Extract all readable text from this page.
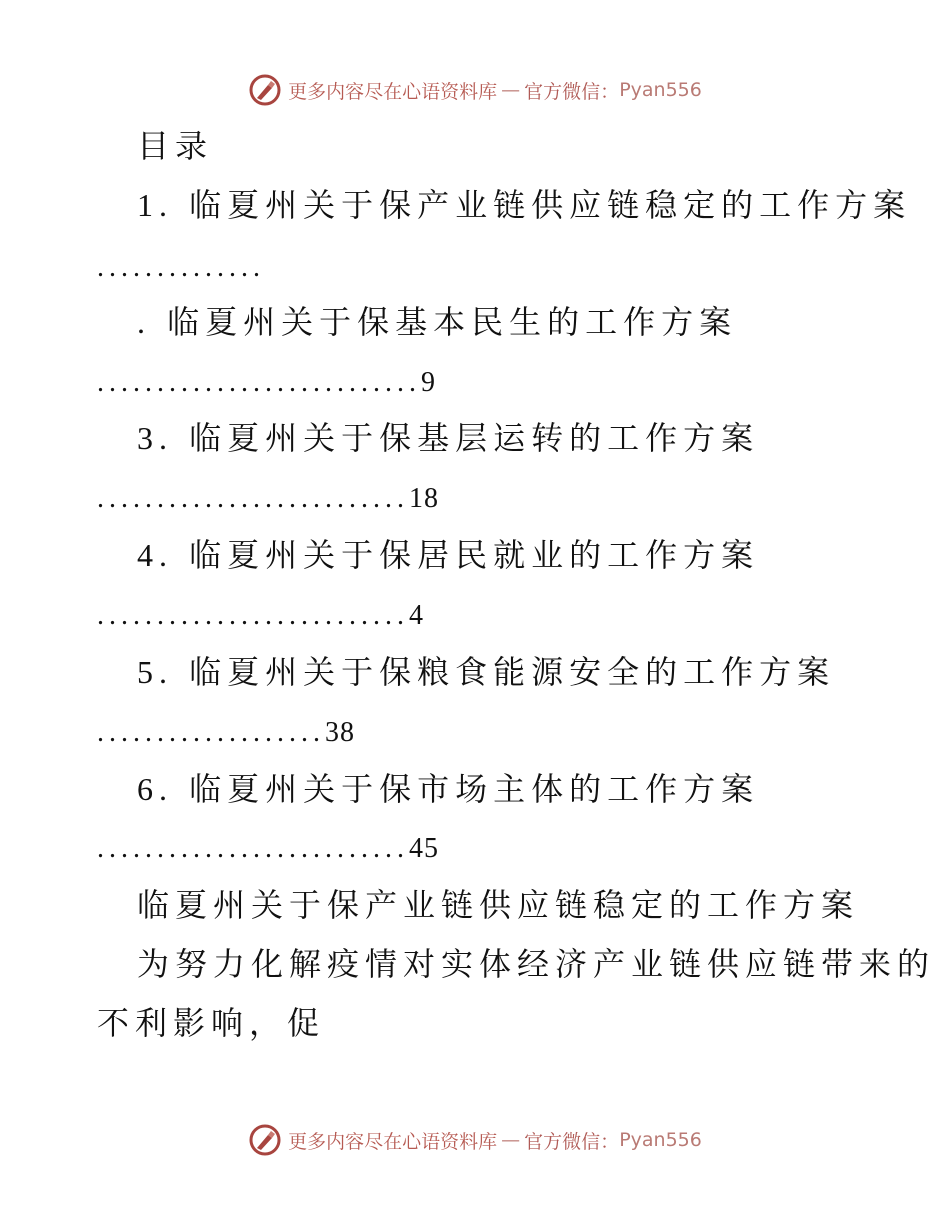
更多内容尽在心语资料库 — 官方微信： Pyan556
目录
1. 临夏州关于保产业链供应链稳定的工作方案
..............
. 临夏州关于保基本民生的工作方案
...........................9
3. 临夏州关于保基层运转的工作方案
..........................18
4. 临夏州关于保居民就业的工作方案
..........................4
5. 临夏州关于保粮食能源安全的工作方案
...................38
6. 临夏州关于保市场主体的工作方案
..........................45
临夏州关于保产业链供应链稳定的工作方案
为努力化解疫情对实体经济产业链供应链带来的
不利影响，促
更多内容尽在心语资料库 — 官方微信： Pyan556
